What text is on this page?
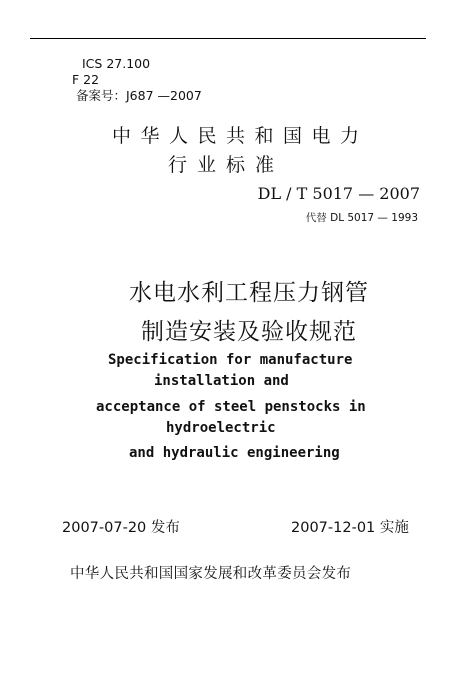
ICS 27.100
F 22
备案号：J687 —2007
中华人民共和国电力
行业标准
DL / T 5017 — 2007
代替 DL 5017 — 1993
水电水利工程压力钢管
制造安装及验收规范
Specification for manufacture
installation and
acceptance of steel penstocks in
hydroelectric
and hydraulic engineering
2007-07-20 发布	2007-12-01 实施
中华人民共和国国家发展和改革委员会发布
